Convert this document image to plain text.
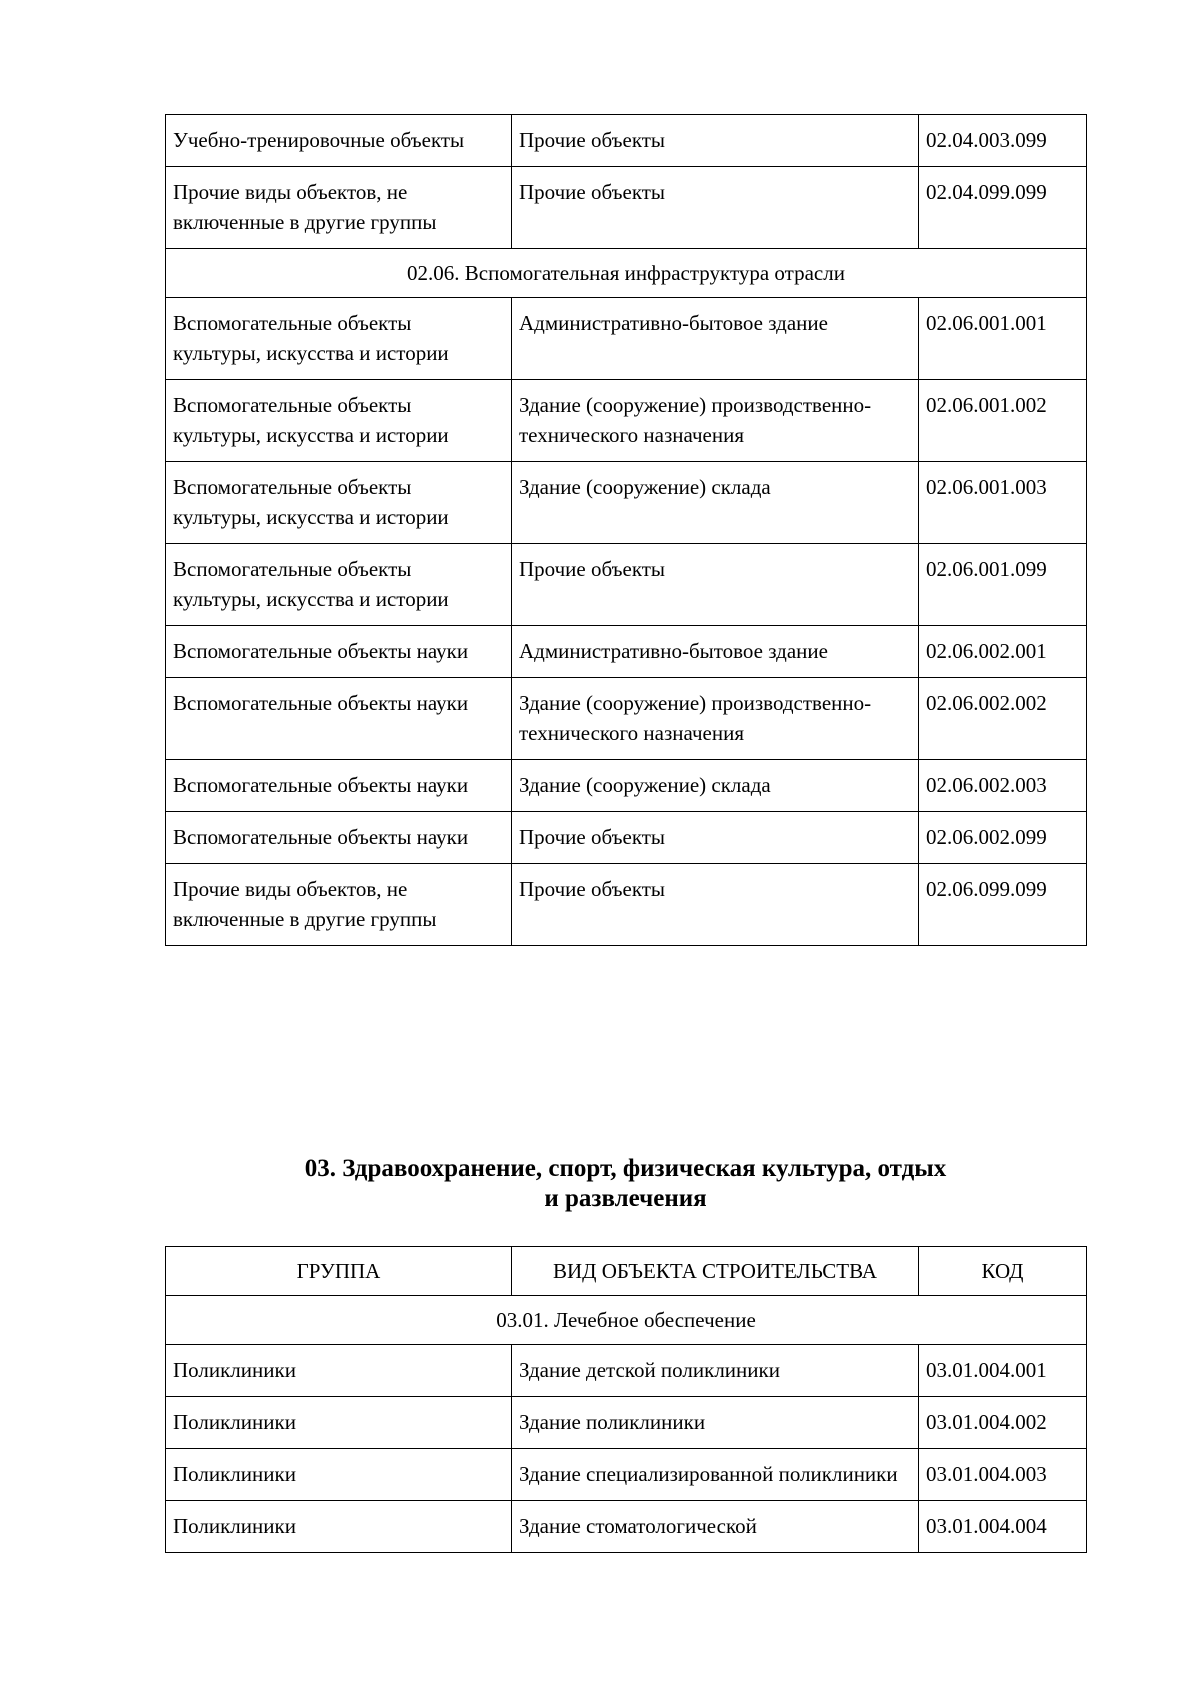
Учебно-тренировочные объекты	Прочие объекты	02.04.003.099
Прочие виды объектов, не включенные в другие группы	Прочие объекты	02.04.099.099
02.06. Вспомогательная инфраструктура отрасли		
Вспомогательные объекты культуры, искусства и истории	Административно-бытовое здание	02.06.001.001
Вспомогательные объекты культуры, искусства и истории	Здание (сооружение) производственно-технического назначения	02.06.001.002
Вспомогательные объекты культуры, искусства и истории	Здание (сооружение) склада	02.06.001.003
Вспомогательные объекты культуры, искусства и истории	Прочие объекты	02.06.001.099
Вспомогательные объекты науки	Административно-бытовое здание	02.06.002.001
Вспомогательные объекты науки	Здание (сооружение) производственно-технического назначения	02.06.002.002
Вспомогательные объекты науки	Здание (сооружение) склада	02.06.002.003
Вспомогательные объекты науки	Прочие объекты	02.06.002.099
Прочие виды объектов, не включенные в другие группы	Прочие объекты	02.06.099.099
03. Здравоохранение, спорт, физическая культура, отдых
и развлечения
ГРУППА	ВИД ОБЪЕКТА СТРОИТЕЛЬСТВА	КОД
03.01. Лечебное обеспечение		
Поликлиники	Здание детской поликлиники	03.01.004.001
Поликлиники	Здание поликлиники	03.01.004.002
Поликлиники	Здание специализированной поликлиники	03.01.004.003
Поликлиники	Здание стоматологической	03.01.004.004
